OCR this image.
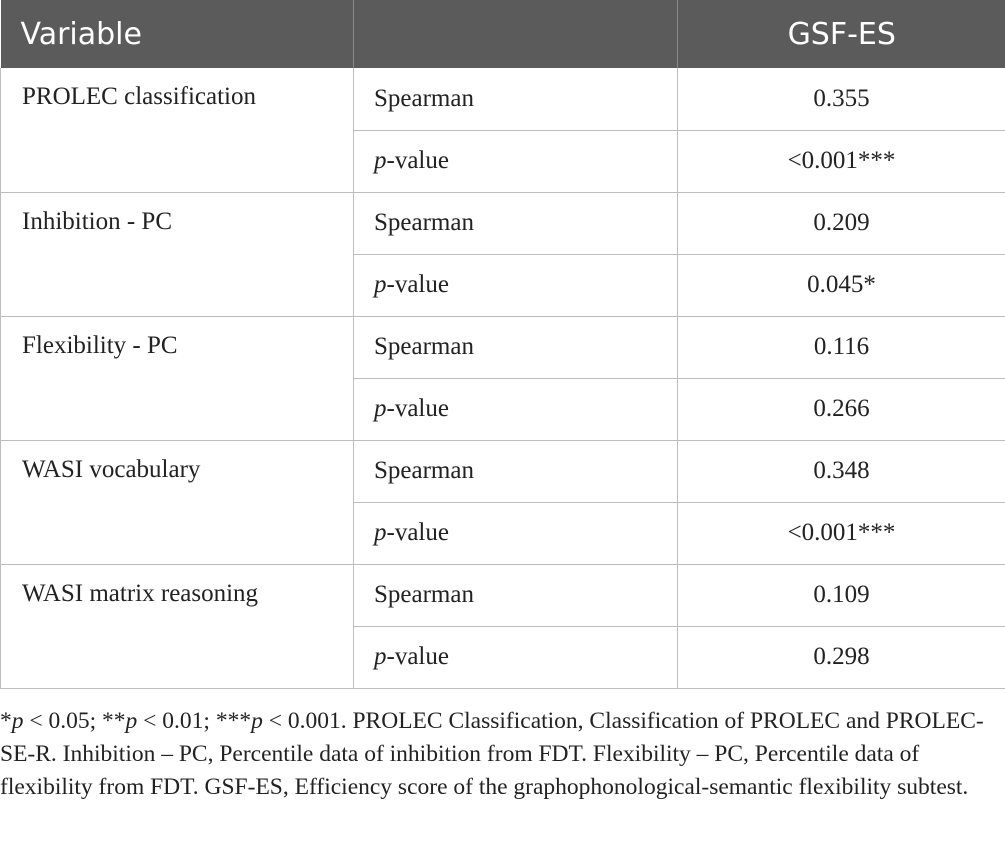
Variable		GSF-ES
PROLEC classification	Spearman	0.355
	p-value	<0.001***
Inhibition - PC	Spearman	0.209
	p-value	0.045*
Flexibility - PC	Spearman	0.116
	p-value	0.266
WASI vocabulary	Spearman	0.348
	p-value	<0.001***
WASI matrix reasoning	Spearman	0.109
	p-value	0.298
*p < 0.05; **p < 0.01; ***p < 0.001. PROLEC Classification, Classification of PROLEC and PROLEC-SE-R. Inhibition – PC, Percentile data of inhibition from FDT. Flexibility – PC, Percentile data of flexibility from FDT. GSF-ES, Efficiency score of the graphophonological-semantic flexibility subtest.
